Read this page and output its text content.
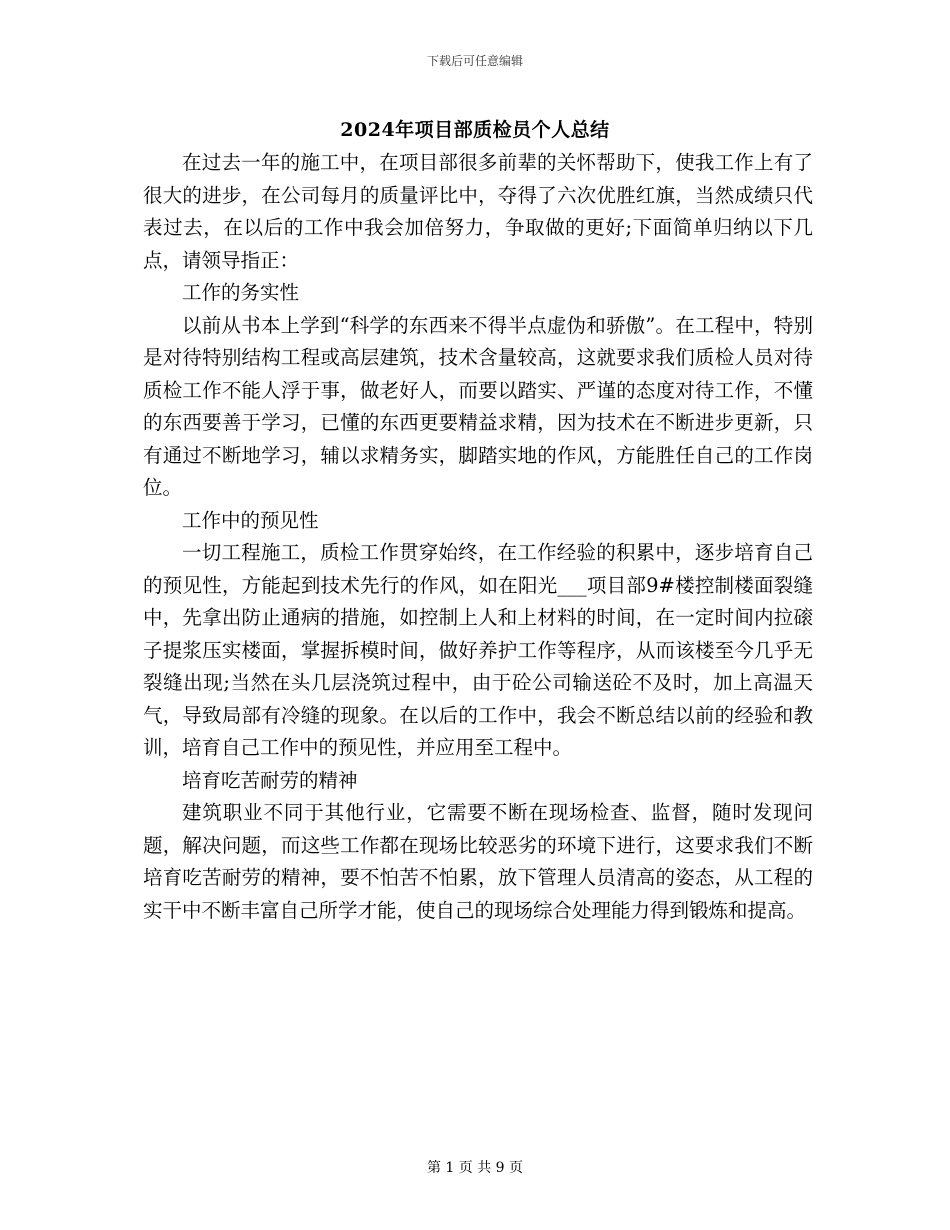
下载后可任意编辑
2024年项目部质检员个人总结

在过去一年的施工中，在项目部很多前辈的关怀帮助下，使我工作上有了很大的进步，在公司每月的质量评比中，夺得了六次优胜红旗，当然成绩只代表过去，在以后的工作中我会加倍努力，争取做的更好;下面简单归纳以下几点，请领导指正：

工作的务实性

以前从书本上学到“科学的东西来不得半点虚伪和骄傲”。在工程中，特别是对待特别结构工程或高层建筑，技术含量较高，这就要求我们质检人员对待质检工作不能人浮于事，做老好人，而要以踏实、严谨的态度对待工作，不懂的东西要善于学习，已懂的东西更要精益求精，因为技术在不断进步更新，只有通过不断地学习，辅以求精务实，脚踏实地的作风，方能胜任自己的工作岗位。

工作中的预见性

一切工程施工，质检工作贯穿始终，在工作经验的积累中，逐步培育自己的预见性，方能起到技术先行的作风，如在阳光___项目部9#楼控制楼面裂缝中，先拿出防止通病的措施，如控制上人和上材料的时间，在一定时间内拉磙子提浆压实楼面，掌握拆模时间，做好养护工作等程序，从而该楼至今几乎无裂缝出现;当然在头几层浇筑过程中，由于砼公司输送砼不及时，加上高温天气，导致局部有冷缝的现象。在以后的工作中，我会不断总结以前的经验和教训，培育自己工作中的预见性，并应用至工程中。

培育吃苦耐劳的精神

建筑职业不同于其他行业，它需要不断在现场检查、监督，随时发现问题，解决问题，而这些工作都在现场比较恶劣的环境下进行，这要求我们不断培育吃苦耐劳的精神，要不怕苦不怕累，放下管理人员清高的姿态，从工程的实干中不断丰富自己所学才能，使自己的现场综合处理能力得到锻炼和提高。

第 1 页 共 9 页
